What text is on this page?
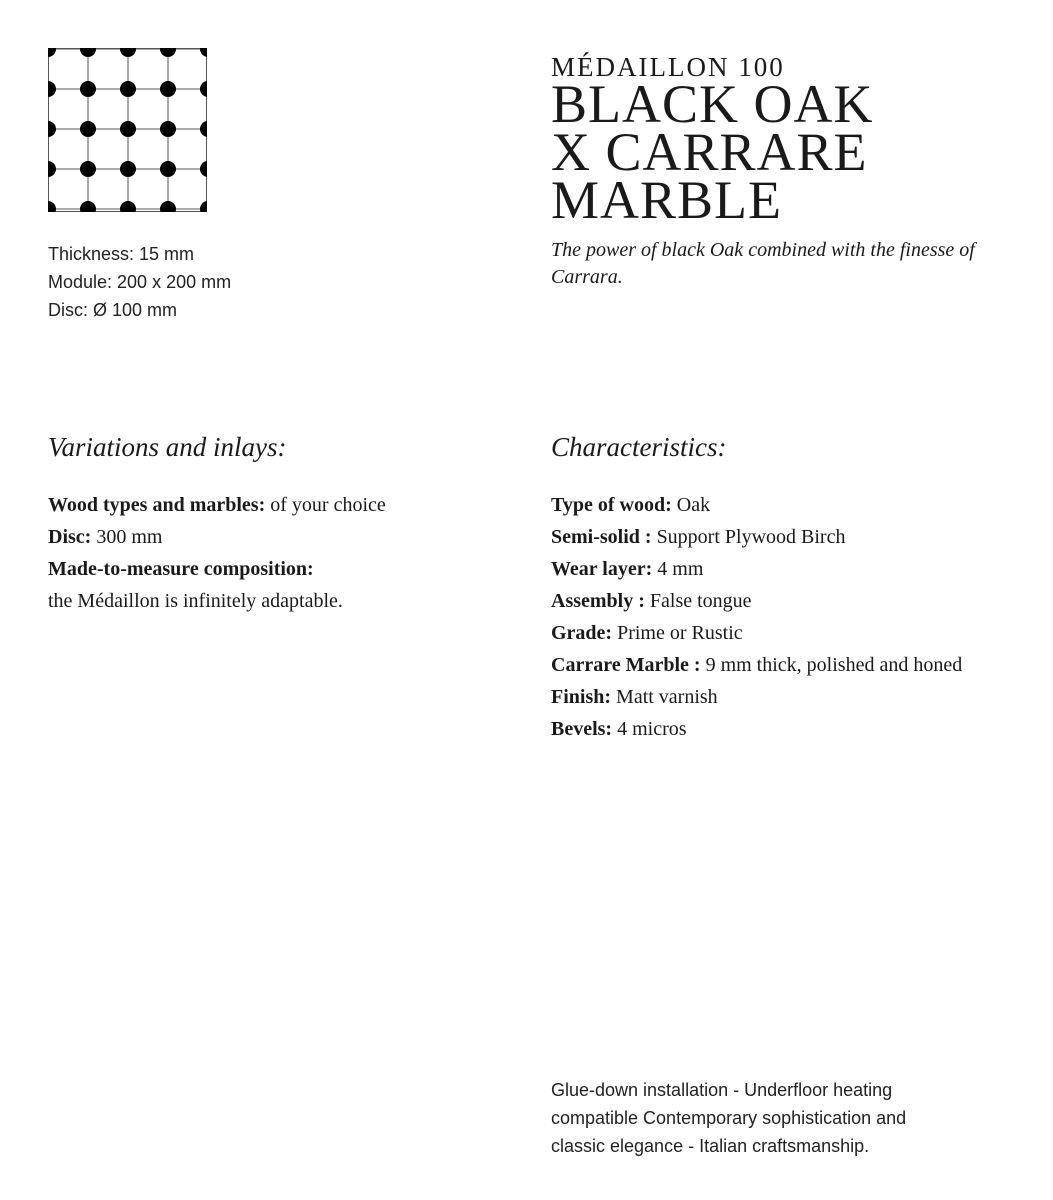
Thickness: 15 mm
Module: 200 x 200 mm
Disc: Ø 100 mm
MÉDAILLON 100
BLACK OAK
X CARRARE
MARBLE
The power of black Oak combined with the finesse of Carrara.
Variations and inlays:
Wood types and marbles: of your choice
Disc: 300 mm
Made-to-measure composition:
the Médaillon is infinitely adaptable.
Characteristics:
Type of wood: Oak
Semi-solid : Support Plywood Birch
Wear layer: 4 mm
Assembly : False tongue
Grade: Prime or Rustic
Carrare Marble : 9 mm thick, polished and honed
Finish: Matt varnish
Bevels: 4 micros
Glue-down installation - Underfloor heating compatible Contemporary sophistication and classic elegance - Italian craftsmanship.
